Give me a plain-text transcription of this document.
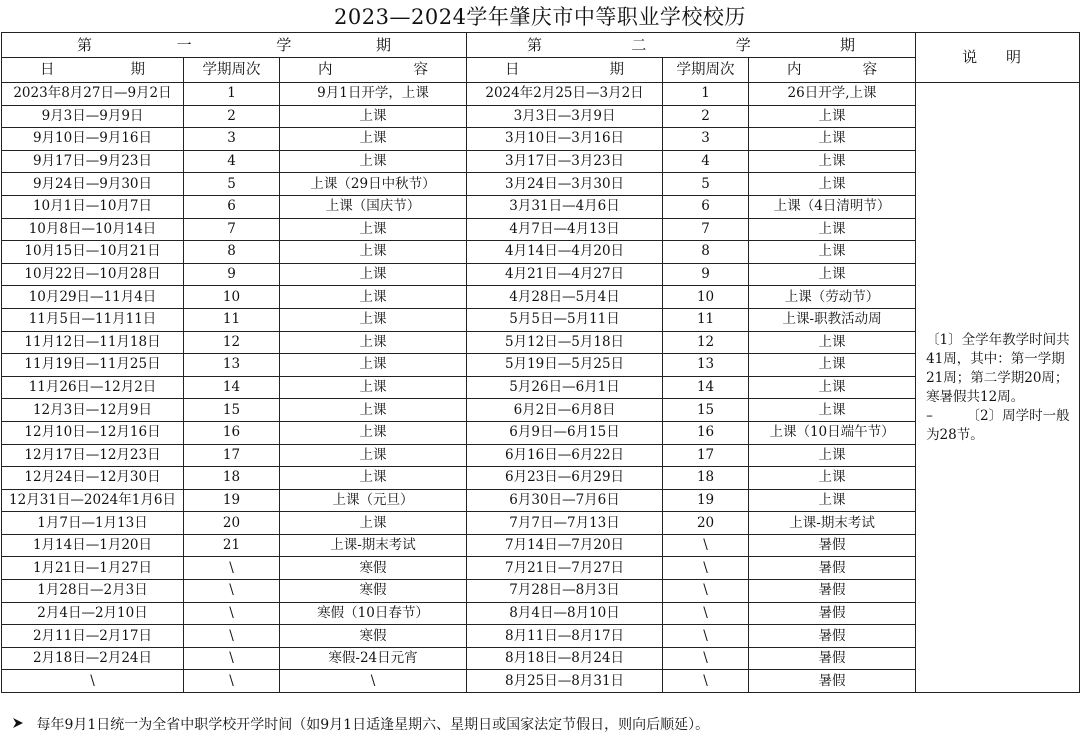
2023—2024学年肇庆市中等职业学校校历
第 一 学 期			第 二 学 期			说 明

日 期	学期周次	内 容	日 期	学期周次	内 容	

2023年8月27日—9月2日	1	9月1日开学，上课	2024年2月25日—3月2日	1	26日开学,上课	〔1〕全学年教学时间共41周，其中：第一学期21周；第二学期20周；寒暑假共12周。

–　　　〔2〕周学时一般为28节。

9月3日—9月9日	2	上课	3月3日—3月9日	2	上课	
9月10日—9月16日	3	上课	3月10日—3月16日	3	上课	
9月17日—9月23日	4	上课	3月17日—3月23日	4	上课	
9月24日—9月30日	5	上课（29日中秋节）	3月24日—3月30日	5	上课	
10月1日—10月7日	6	上课（国庆节）	3月31日—4月6日	6	上课（4日清明节）	
10月8日—10月14日	7	上课	4月7日—4月13日	7	上课	
10月15日—10月21日	8	上课	4月14日—4月20日	8	上课	
10月22日—10月28日	9	上课	4月21日—4月27日	9	上课	
10月29日—11月4日	10	上课	4月28日—5月4日	10	上课（劳动节）	
11月5日—11月11日	11	上课	5月5日—5月11日	11	上课-职教活动周	
11月12日—11月18日	12	上课	5月12日—5月18日	12	上课	
11月19日—11月25日	13	上课	5月19日—5月25日	13	上课	
11月26日—12月2日	14	上课	5月26日—6月1日	14	上课	
12月3日—12月9日	15	上课	6月2日—6月8日	15	上课	
12月10日—12月16日	16	上课	6月9日—6月15日	16	上课（10日端午节）	
12月17日—12月23日	17	上课	6月16日—6月22日	17	上课	
12月24日—12月30日	18	上课	6月23日—6月29日	18	上课	
12月31日—2024年1月6日	19	上课（元旦）	6月30日—7月6日	19	上课	
1月7日—1月13日	20	上课	7月7日—7月13日	20	上课-期末考试	
1月14日—1月20日	21	上课-期末考试	7月14日—7月20日	\	暑假	
1月21日—1月27日	\	寒假	7月21日—7月27日	\	暑假	
1月28日—2月3日	\	寒假	7月28日—8月3日	\	暑假	
2月4日—2月10日	\	寒假（10日春节）	8月4日—8月10日	\	暑假	
2月11日—2月17日	\	寒假	8月11日—8月17日	\	暑假	
2月18日—2月24日	\	寒假-24日元宵	8月18日—8月24日	\	暑假	
\	\	\	8月25日—8月31日	\	暑假	
每年9月1日统一为全省中职学校开学时间（如9月1日适逢星期六、星期日或国家法定节假日，则向后顺延）。
